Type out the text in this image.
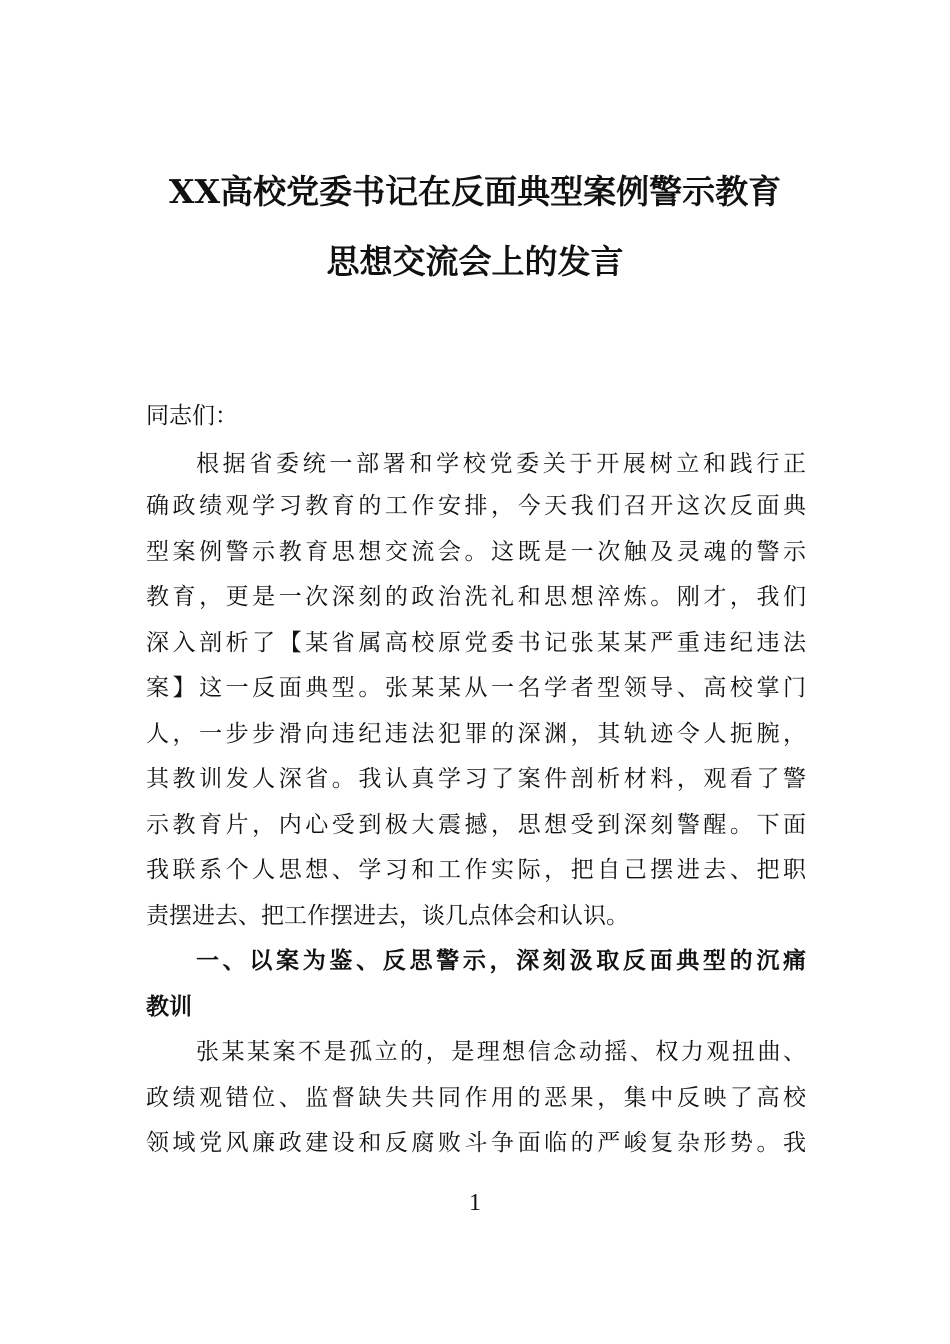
XX高校党委书记在反面典型案例警示教育
思想交流会上的发言
同志们：
根据省委统一部署和学校党委关于开展树立和践行正
确政绩观学习教育的工作安排，今天我们召开这次反面典
型案例警示教育思想交流会。这既是一次触及灵魂的警示
教育，更是一次深刻的政治洗礼和思想淬炼。刚才，我们
深入剖析了【某省属高校原党委书记张某某严重违纪违法
案】这一反面典型。张某某从一名学者型领导、高校掌门
人，一步步滑向违纪违法犯罪的深渊，其轨迹令人扼腕，
其教训发人深省。我认真学习了案件剖析材料，观看了警
示教育片，内心受到极大震撼，思想受到深刻警醒。下面
我联系个人思想、学习和工作实际，把自己摆进去、把职
责摆进去、把工作摆进去，谈几点体会和认识。
一、以案为鉴、反思警示，深刻汲取反面典型的沉痛
教训
张某某案不是孤立的，是理想信念动摇、权力观扭曲、
政绩观错位、监督缺失共同作用的恶果，集中反映了高校
领域党风廉政建设和反腐败斗争面临的严峻复杂形势。我
1
